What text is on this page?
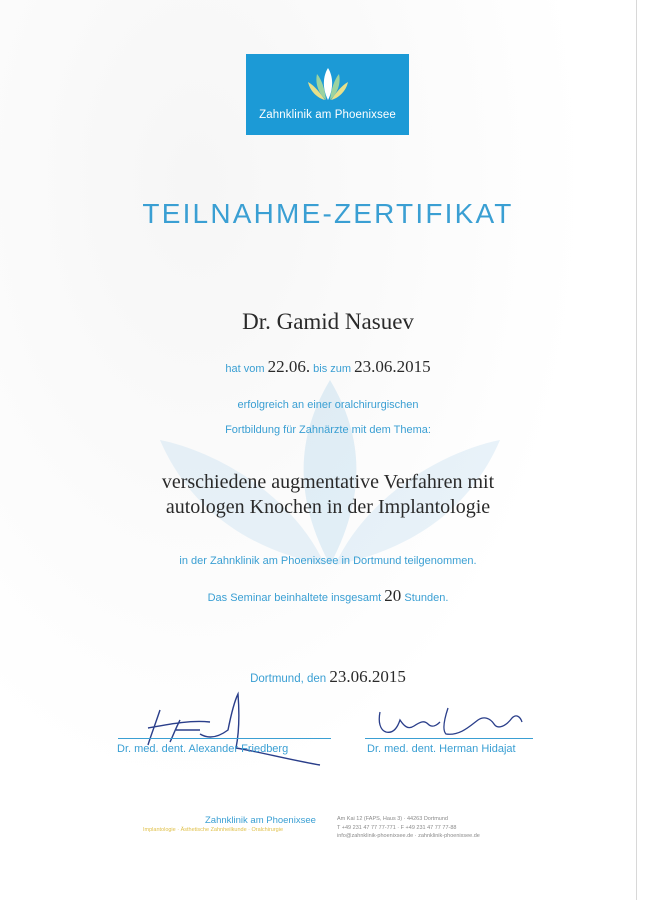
Zahnklinik am Phoenixsee
TEILNAHME-ZERTIFIKAT
Dr. Gamid Nasuev
hat vom 22.06. bis zum 23.06.2015
erfolgreich an einer oralchirurgischen
Fortbildung für Zahnärzte mit dem Thema:
verschiedene augmentative Verfahren mit
autologen Knochen in der Implantologie
in der Zahnklinik am Phoenixsee in Dortmund teilgenommen.
Das Seminar beinhaltete insgesamt 20 Stunden.
Dortmund, den 23.06.2015
Dr. med. dent. Alexander Friedberg	Dr. med. dent. Herman Hidajat
Zahnklinik am Phoenixsee
Implantologie · Ästhetische Zahnheilkunde · Oralchirurgie
Am Kai 12 (FAPS, Haus 3) · 44263 Dortmund
T +49 231 47 77 77-771 · F +49 231 47 77 77-88
info@zahnklinik-phoenixsee.de · zahnklinik-phoenixsee.de
